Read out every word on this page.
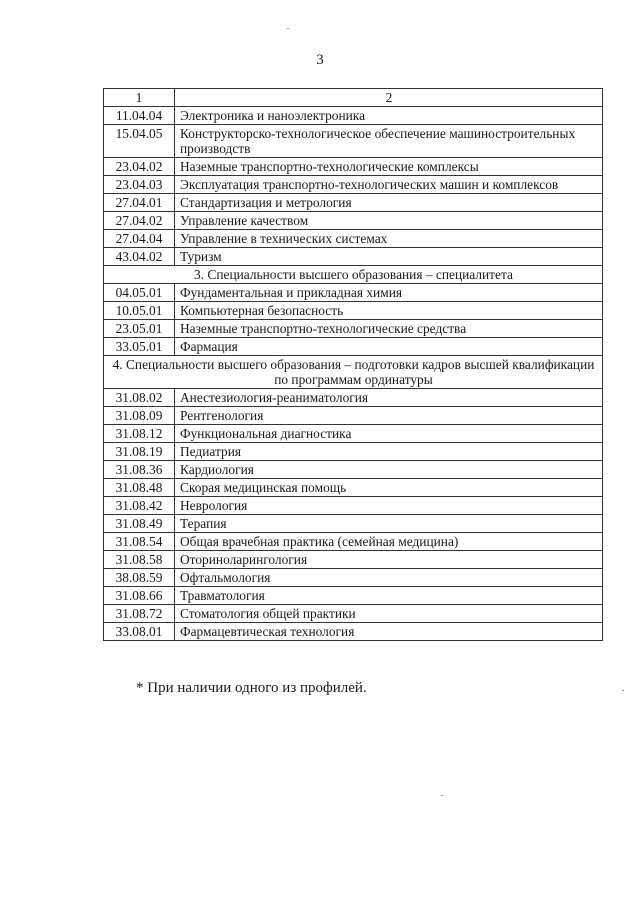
3
1	2
11.04.04	Электроника и наноэлектроника
15.04.05	Конструкторско-технологическое обеспечение машиностроительных производств
23.04.02	Наземные транспортно-технологические комплексы
23.04.03	Эксплуатация транспортно-технологических машин и комплексов
27.04.01	Стандартизация и метрология
27.04.02	Управление качеством
27.04.04	Управление в технических системах
43.04.02	Туризм
3. Специальности высшего образования – специалитета	
04.05.01	Фундаментальная и прикладная химия
10.05.01	Компьютерная безопасность
23.05.01	Наземные транспортно-технологические средства
33.05.01	Фармация
4. Специальности высшего образования – подготовки кадров высшей квалификации по программам ординатуры	
31.08.02	Анестезиология-реаниматология
31.08.09	Рентгенология
31.08.12	Функциональная диагностика
31.08.19	Педиатрия
31.08.36	Кардиология
31.08.48	Скорая медицинская помощь
31.08.42	Неврология
31.08.49	Терапия
31.08.54	Общая врачебная практика (семейная медицина)
31.08.58	Оториноларингология
38.08.59	Офтальмология
31.08.66	Травматология
31.08.72	Стоматология общей практики
33.08.01	Фармацевтическая технология
* При наличии одного из профилей.
